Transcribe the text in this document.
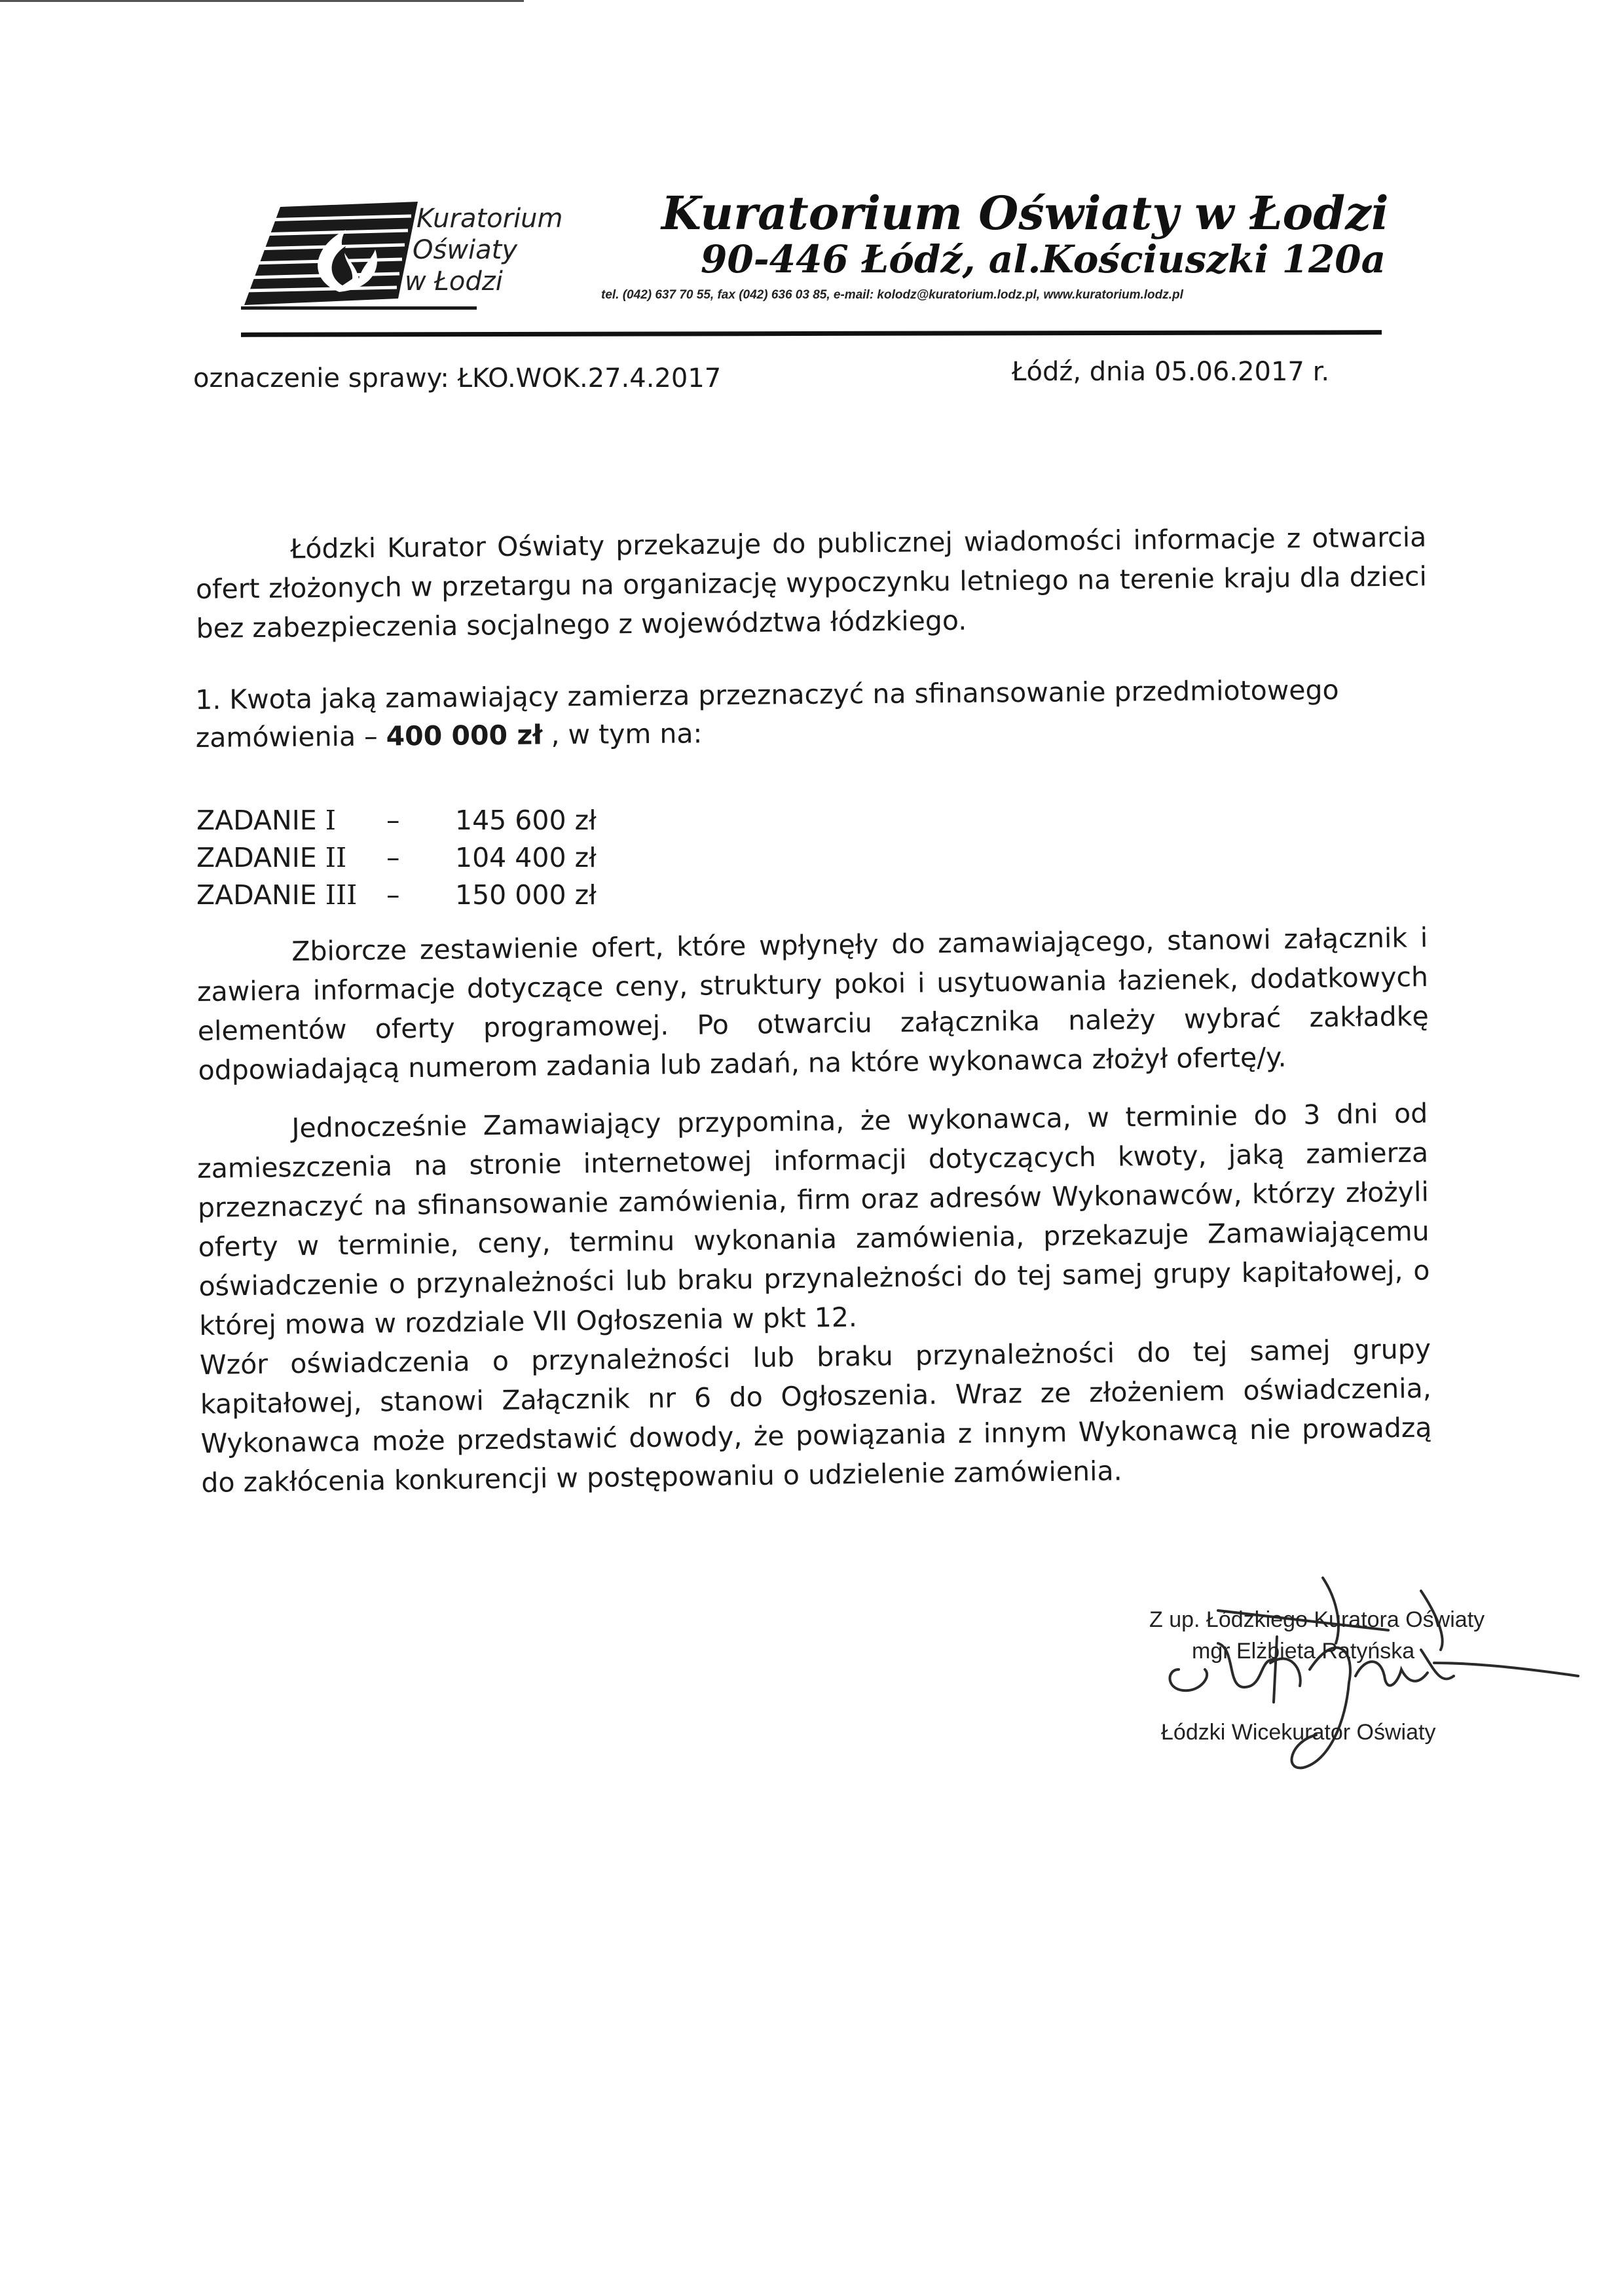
Kuratorium
Oświaty
w Łodzi
Kuratorium Oświaty w Łodzi
90-446 Łódź, al.Kościuszki 120a
tel. (042) 637 70 55, fax (042) 636 03 85, e-mail: kolodz@kuratorium.lodz.pl, www.kuratorium.lodz.pl
oznaczenie sprawy: ŁKO.WOK.27.4.2017	Łódź, dnia 05.06.2017 r.
Łódzki Kurator Oświaty przekazuje do publicznej wiadomości informacje z otwarcia ofert złożonych w przetargu na organizację wypoczynku letniego na terenie kraju dla dzieci bez zabezpieczenia socjalnego z województwa łódzkiego.
1. Kwota jaką zamawiający zamierza przeznaczyć na sfinansowanie przedmiotowego zamówienia – 400 000 zł , w tym na:
ZADANIE I – 145 600 zł
ZADANIE II – 104 400 zł
ZADANIE III – 150 000 zł
Zbiorcze zestawienie ofert, które wpłynęły do zamawiającego, stanowi załącznik i zawiera informacje dotyczące ceny, struktury pokoi i usytuowania łazienek, dodatkowych elementów oferty programowej. Po otwarciu załącznika należy wybrać zakładkę odpowiadającą numerom zadania lub zadań, na które wykonawca złożył ofertę/y.
Jednocześnie Zamawiający przypomina, że wykonawca, w terminie do 3 dni od zamieszczenia na stronie internetowej informacji dotyczących kwoty, jaką zamierza przeznaczyć na sfinansowanie zamówienia, firm oraz adresów Wykonawców, którzy złożyli oferty w terminie, ceny, terminu wykonania zamówienia, przekazuje Zamawiającemu oświadczenie o przynależności lub braku przynależności do tej samej grupy kapitałowej, o której mowa w rozdziale VII Ogłoszenia w pkt 12.
Wzór oświadczenia o przynależności lub braku przynależności do tej samej grupy kapitałowej, stanowi Załącznik nr 6 do Ogłoszenia. Wraz ze złożeniem oświadczenia, Wykonawca może przedstawić dowody, że powiązania z innym Wykonawcą nie prowadzą do zakłócenia konkurencji w postępowaniu o udzielenie zamówienia.
Z up. Łódzkiego Kuratora Oświaty
mgr Elżbieta Ratyńska
Łódzki Wicekurator Oświaty
